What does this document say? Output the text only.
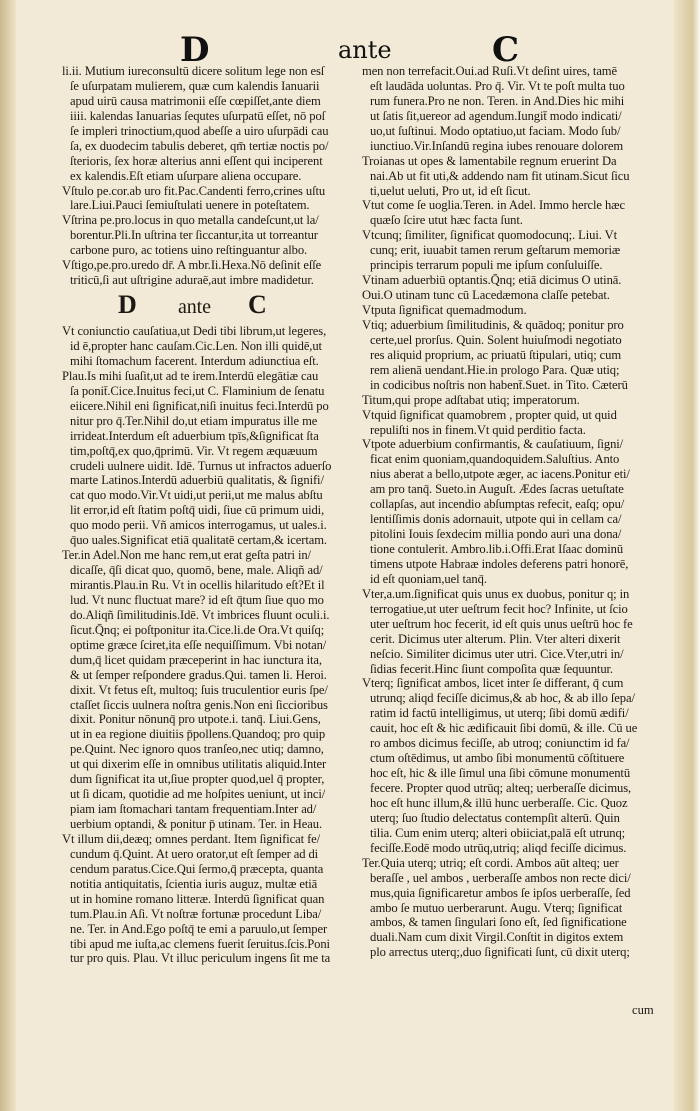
D	ante	C
li.ii. Mutium iureconsultū dicere solitum lege non esſ
ſe uſurpatam mulierem, quæ cum kalendis Ianuarii
apud uirū causa matrimonii eſſe cœpiſſet,ante diem
iiii. kalendas Ianuarias ſequtes uſurpatū eſſet, nō poſ
ſe impleri trinoctium,quod abeſſe a uiro uſurpādi cau
ſa, ex duodecim tabulis deberet, qm̄ tertiæ noctis po/
ſterioris, ſex horæ alterius anni eſſent qui inciperent
ex kalendis.Eſt etiam uſurpare aliena occupare.
Vſtulo pe.cor.ab uro fit.Pac.Candenti ferro,crines uſtu
lare.Liui.Pauci ſemiuſtulati uenere in poteſtatem.
Vſtrina pe.pro.locus in quo metalla candeſcunt,ut la/
borentur.Pli.In uſtrina ter ſiccantur,ita ut torreantur
carbone puro, ac totiens uino reſtinguantur albo.
Vſtigo,pe.pro.uredo dr̄. A mbr.Ii.Hexa.Nō deſinit eſſe
triticū,ſi aut uſtrigine aduraē,aut imbre madidetur.
D ante C
Vt coniunctio cauſatiua,ut Dedi tibi librum,ut legeres,
id ē,propter hanc cauſam.Cic.Len. Non illi quidē,ut
mihi ſtomachum facerent. Interdum adiunctiua eſt.
Plau.Is mihi ſuaſit,ut ad te irem.Interdū elegātiæ cau
ſa ponit̄.Cice.Inuitus feci,ut C. Flaminium de ſenatu
eiicere.Nihil eni ſignificat,niſi inuitus feci.Interdū po
nitur pro q̄.Ter.Nihil do,ut etiam impuratus ille me
irrideat.Interdum eſt aduerbium tpīs,&ſignificat ſta
tim,poſtq̄,ex quo,q̄primū. Vir. Vt regem æquæuum
crudeli uulnere uidit. Idē. Turnus ut infractos aduerſo
marte Latinos.Interdū aduerbiū qualitatis, & ſignifi/
cat quo modo.Vir.Vt uidi,ut perii,ut me malus abſtu
lit error,id eſt ſtatim poſtq̄ uidi, ſiue cū primum uidi,
quo modo perii. Vñ amicos interrogamus, ut uales.i.
q̄uo uales.Significat etiā qualitatē certam,& icertam.
Ter.in Adel.Non me hanc rem,ut erat geſta patri in/
dicaſſe, q̄ſi dicat quo, quomō, bene, male. Aliqñ ad/
mirantis.Plau.in Ru. Vt in ocellis hilaritudo eſt?Et il
lud. Vt nunc fluctuat mare? id eſt q̄tum ſiue quo mo
do.Aliqñ ſimilitudinis.Idē. Vt imbrices fluunt oculi.i.
ſicut.Q̄nq; ei poſtponitur ita.Cice.li.de Ora.Vt quiſq;
optime græce ſciret,ita eſſe nequiſſimum. Vbi notan/
dum,q̄ licet quidam præceperint in hac iunctura ita,
& ut ſemper reſpondere gradus.Qui. tamen li. Heroi.
dixit. Vt fetus eſt, multoq; ſuis truculentior euris ſpe/
ctaſſet ſiccis uulnera noſtra genis.Non eni ſiccioribus
dixit. Ponitur nōnunq̄ pro utpote.i. tanq̄. Liui.Gens,
ut in ea regione diuitiis p̄pollens.Quandoq; pro quip
pe.Quint. Nec ignoro quos tranſeo,nec utiq; damno,
ut qui dixerim eſſe in omnibus utilitatis aliquid.Inter
dum ſignificat ita ut,ſiue propter quod,uel q̄ propter,
ut ſi dicam, quotidie ad me hoſpites ueniunt, ut inci/
piam iam ſtomachari tantam frequentiam.Inter ad/
uerbium optandi, & ponitur p̄ utinam. Ter. in Heau.
Vt illum dii,deæq; omnes perdant. Item ſignificat fe/
cundum q̄.Quint. At uero orator,ut eſt ſemper ad di
cendum paratus.Cice.Qui ſermo,q̄ præcepta, quanta
notitia antiquitatis, ſcientia iuris auguz, multæ etiā
ut in homine romano litteræ. Interdū ſignificat quan
tum.Plau.in Aſi. Vt noſtræ fortunæ procedunt Liba/
ne. Ter. in And.Ego poſtq̄ te emi a paruulo,ut ſemper
tibi apud me iuſta,ac clemens fuerit ſeruitus.ſcis.Poni
tur pro quis. Plau. Vt illuc periculum ingens ſit me ta
men non terrefacit.Oui.ad Ruſi.Vt deſint uires, tamē
eſt laudāda uoluntas. Pro q̄. Vir. Vt te poſt multa tuo
rum funera.Pro ne non. Teren. in And.Dies hic mihi
ut ſatis ſit,uereor ad agendum.Iungit̄ modo indicati/
uo,ut ſuſtinui. Modo optatiuo,ut faciam. Modo ſub/
iunctiuo.Vir.Inſandū regina iubes renouare dolorem
Troianas ut opes & lamentabile regnum eruerint Da
nai.Ab ut fit uti,& addendo nam fit utinam.Sicut ſicu
ti,uelut ueluti, Pro ut, id eſt ſicut.
Vtut come ſe uoglia.Teren. in Adel. Immo hercle hæc
quæſo ſcire utut hæc facta ſunt.
Vtcunq; ſimiliter, ſignificat quomodocunq;. Liui. Vt
cunq; erit, iuuabit tamen rerum geſtarum memoriæ
principis terrarum populi me ipſum conſuluiſſe.
Vtinam aduerbiū optantis.Q̄nq; etiā dicimus O utinā.
Oui.O utinam tunc cū Lacedæmona claſſe petebat.
Vtputa ſignificat quemadmodum.
Vtiq; aduerbium ſimilitudinis, & quādoq; ponitur pro
certe,uel prorſus. Quin. Solent huiuſmodi negotiato
res aliquid proprium, ac priuatū ſtipulari, utiq; cum
rem alienā uendant.Hie.in prologo Para. Quæ utiq;
in codicibus noſtris non habent̄.Suet. in Tito. Cæterū
Titum,qui prope adſtabat utiq; imperatorum.
Vtquid ſignificat quamobrem , propter quid, ut quid
repuliſti nos in finem.Vt quid perditio facta.
Vtpote aduerbium confirmantis, & cauſatiuum, ſigni/
ficat enim quoniam,quandoquidem.Saluſtius. Anto
nius aberat a bello,utpote æger, ac iacens.Ponitur eti/
am pro tanq̄. Sueto.in Auguſt. Ædes ſacras uetuſtate
collapſas, aut incendio abſumptas refecit, eaſq; opu/
lentiſſimis donis adornauit, utpote qui in cellam ca/
pitolini Iouis ſexdecim millia pondo auri una dona/
tione contulerit. Ambro.lib.i.Offi.Erat Iſaac dominū
timens utpote Habraæ indoles deferens patri honorē,
id eſt quoniam,uel tanq̄.
Vter,a.um.ſignificat quis unus ex duobus, ponitur q; in
terrogatiue,ut uter ueſtrum fecit hoc? Infinite, ut ſcio
uter ueſtrum hoc fecerit, id eſt quis unus ueſtrū hoc fe
cerit. Dicimus uter alterum. Plin. Vter alteri dixerit
neſcio. Similiter dicimus uter utri. Cice.Vter,utri in/
ſidias fecerit.Hinc ſiunt compoſita quæ ſequuntur.
Vterq; ſignificat ambos, licet inter ſe differant, q̄ cum
utrunq; aliqd feciſſe dicimus,& ab hoc, & ab illo ſepa/
ratim id factū intelligimus, ut uterq; ſibi domū ædifi/
cauit, hoc eſt & hic ædificauit ſibi domū, & ille. Cū ue
ro ambos dicimus feciſſe, ab utroq; coniunctim id fa/
ctum oſtēdimus, ut ambo ſibi monumentū cōſtituere
hoc eſt, hic & ille ſimul una ſibi cōmune monumentū
fecere. Propter quod utrūq; alteq; uerberaſſe dicimus,
hoc eſt hunc illum,& illū hunc uerberaſſe. Cic. Quoz
uterq; ſuo ſtudio delectatus contempſit alterū. Quin
tilia. Cum enim uterq; alteri obiiciat,palā eſt utrunq;
feciſſe.Eodē modo utrūq,utriq; aliqd feciſſe dicimus.
Ter.Quia uterq; utriq; eſt cordi. Ambos aūt alteq; uer
beraſſe , uel ambos , uerberaſſe ambos non recte dici/
mus,quia ſignificaretur ambos ſe ipſos uerberaſſe, ſed
ambo ſe mutuo uerberarunt. Augu. Vterq; ſignificat
ambos, & tamen ſingulari ſono eſt, ſed ſignificatione
duali.Nam cum dixit Virgil.Conſtit in digitos extem
plo arrectus uterq;,duo ſignificati ſunt, cū dixit uterq;
cum
